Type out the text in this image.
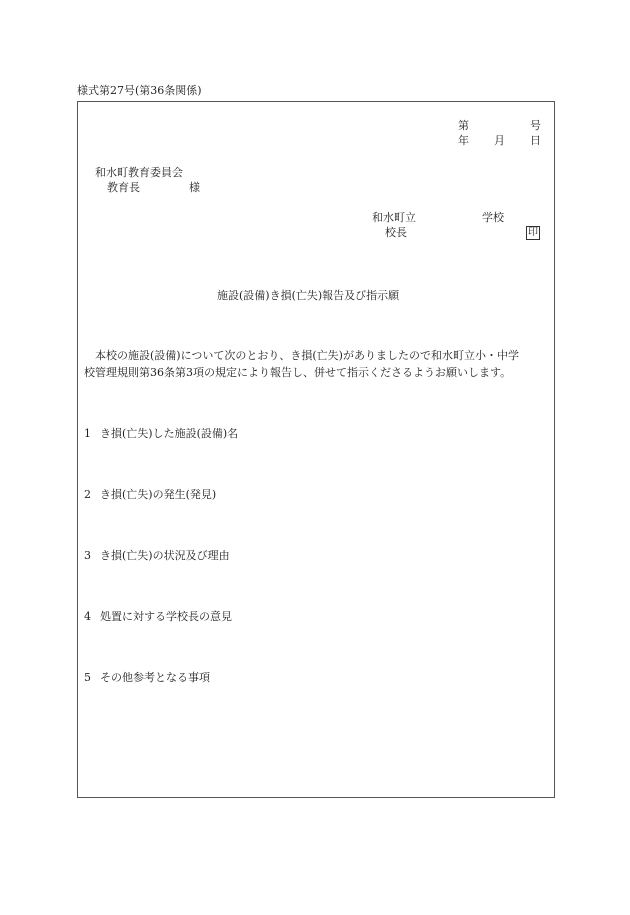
様式第27号(第36条関係)
第	号
年 月 日
和水町教育委員会
教育長	様
和水町立	学校
校長	印
施設(設備)き損(亡失)報告及び指示願
本校の施設(設備)について次のとおり、き損(亡失)がありましたので和水町立小・中学
校管理規則第36条第3項の規定により報告し、併せて指示くださるようお願いします。
1 き損(亡失)した施設(設備)名
2 き損(亡失)の発生(発見)
3 き損(亡失)の状況及び理由
4 処置に対する学校長の意見
5 その他参考となる事項
